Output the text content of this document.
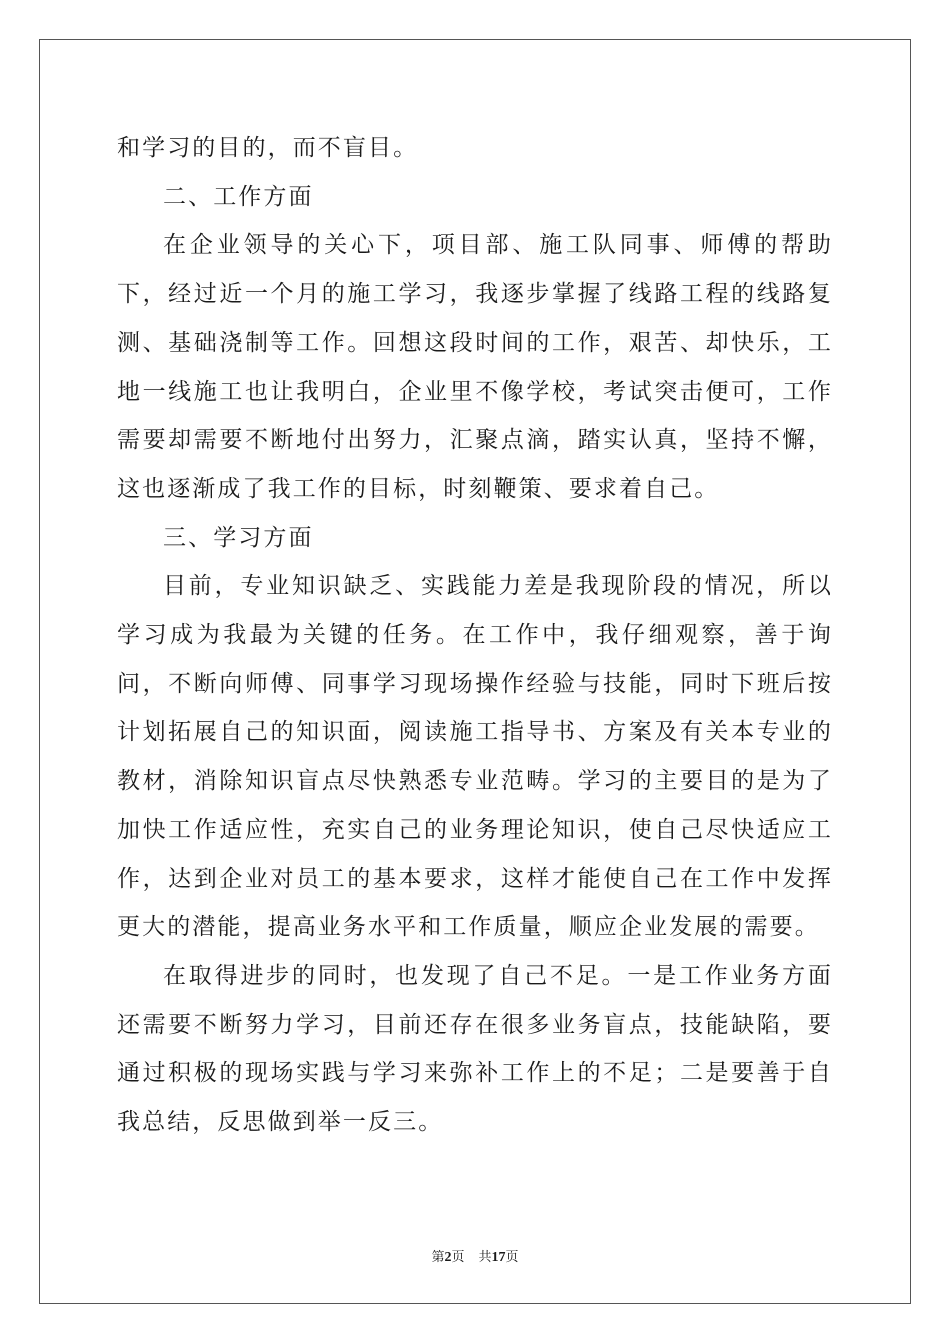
和学习的目的，而不盲目。

二、工作方面

在企业领导的关心下，项目部、施工队同事、师傅的帮助下，经过近一个月的施工学习，我逐步掌握了线路工程的线路复测、基础浇制等工作。回想这段时间的工作，艰苦、却快乐，工地一线施工也让我明白，企业里不像学校，考试突击便可，工作需要却需要不断地付出努力，汇聚点滴，踏实认真，坚持不懈，这也逐渐成了我工作的目标，时刻鞭策、要求着自己。

三、学习方面

目前，专业知识缺乏、实践能力差是我现阶段的情况，所以学习成为我最为关键的任务。在工作中，我仔细观察，善于询问，不断向师傅、同事学习现场操作经验与技能，同时下班后按计划拓展自己的知识面，阅读施工指导书、方案及有关本专业的教材，消除知识盲点尽快熟悉专业范畴。学习的主要目的是为了加快工作适应性，充实自己的业务理论知识，使自己尽快适应工作，达到企业对员工的基本要求，这样才能使自己在工作中发挥更大的潜能，提高业务水平和工作质量，顺应企业发展的需要。

在取得进步的同时，也发现了自己不足。一是工作业务方面还需要不断努力学习，目前还存在很多业务盲点，技能缺陷，要通过积极的现场实践与学习来弥补工作上的不足；二是要善于自我总结，反思做到举一反三。

第2页 共17页
